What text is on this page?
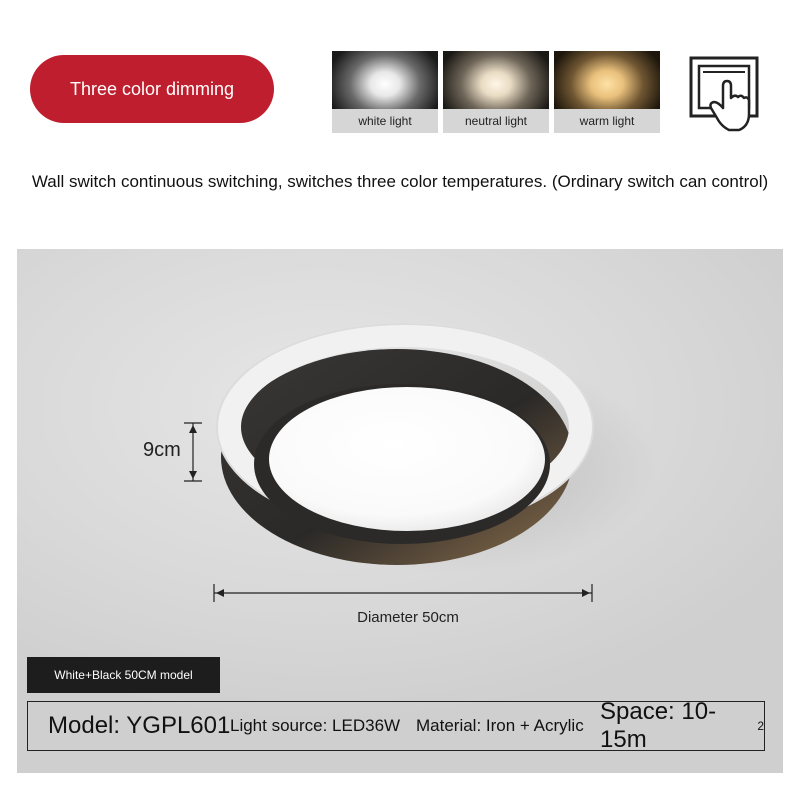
Three color dimming
white light	neutral light	warm light
Wall switch continuous switching, switches three color temperatures. (Ordinary switch can control)
9cm
Diameter 50cm
White+Black 50CM model
Model: YGPL601 Light source: LED36W Material: Iron + Acrylic
Space: 10-15m	2
